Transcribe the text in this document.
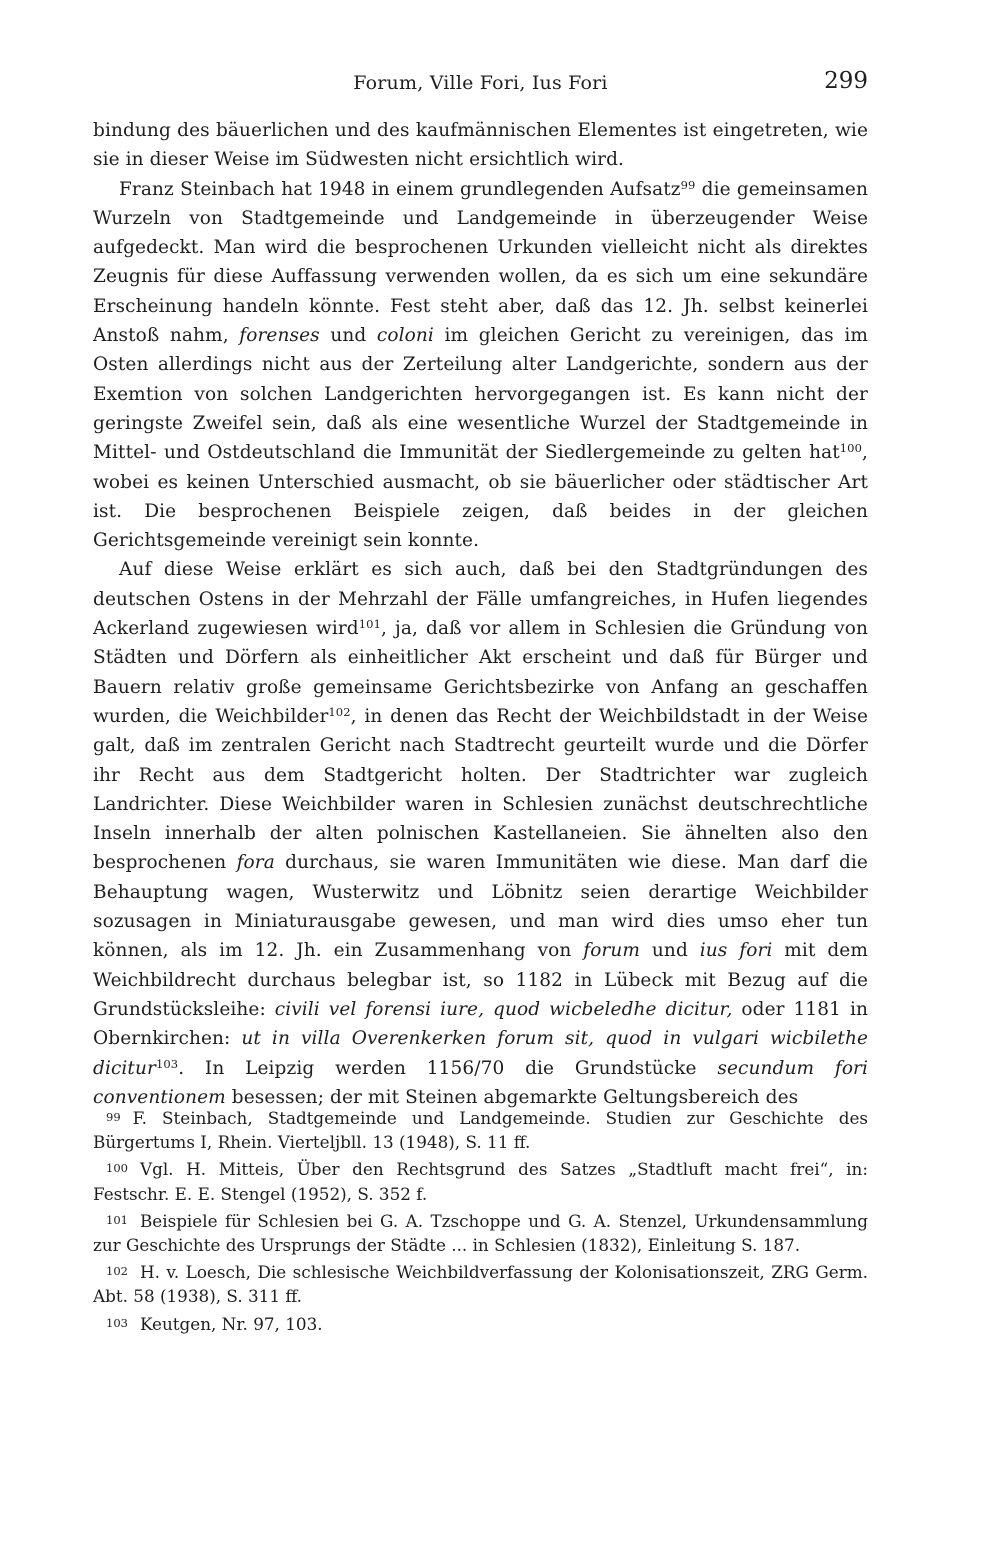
Forum, Ville Fori, Ius Fori	299

bindung des bäuerlichen und des kaufmännischen Elementes ist eingetreten, wie sie in dieser Weise im Südwesten nicht ersichtlich wird.

Franz Steinbach hat 1948 in einem grundlegenden Aufsatz$^{99}$ die gemeinsamen Wurzeln von Stadtgemeinde und Landgemeinde in überzeugender Weise aufgedeckt. Man wird die besprochenen Urkunden vielleicht nicht als direktes Zeugnis für diese Auffassung verwenden wollen, da es sich um eine sekundäre Erscheinung handeln könnte. Fest steht aber, daß das 12. Jh. selbst keinerlei Anstoß nahm, forenses und coloni im gleichen Gericht zu vereinigen, das im Osten allerdings nicht aus der Zerteilung alter Landgerichte, sondern aus der Exemtion von solchen Landgerichten hervorgegangen ist. Es kann nicht der geringste Zweifel sein, daß als eine wesentliche Wurzel der Stadtgemeinde in Mittel- und Ostdeutschland die Immunität der Siedlergemeinde zu gelten hat$^{100}$, wobei es keinen Unterschied ausmacht, ob sie bäuerlicher oder städtischer Art ist. Die besprochenen Beispiele zeigen, daß beides in der gleichen Gerichtsgemeinde vereinigt sein konnte.

Auf diese Weise erklärt es sich auch, daß bei den Stadtgründungen des deutschen Ostens in der Mehrzahl der Fälle umfangreiches, in Hufen liegendes Ackerland zugewiesen wird$^{101}$, ja, daß vor allem in Schlesien die Gründung von Städten und Dörfern als einheitlicher Akt erscheint und daß für Bürger und Bauern relativ große gemeinsame Gerichtsbezirke von Anfang an geschaffen wurden, die Weichbilder$^{102}$, in denen das Recht der Weichbildstadt in der Weise galt, daß im zentralen Gericht nach Stadtrecht geurteilt wurde und die Dörfer ihr Recht aus dem Stadtgericht holten. Der Stadtrichter war zugleich Landrichter. Diese Weichbilder waren in Schlesien zunächst deutschrechtliche Inseln innerhalb der alten polnischen Kastellaneien. Sie ähnelten also den besprochenen fora durchaus, sie waren Immunitäten wie diese. Man darf die Behauptung wagen, Wusterwitz und Löbnitz seien derartige Weichbilder sozusagen in Miniaturausgabe gewesen, und man wird dies umso eher tun können, als im 12. Jh. ein Zusammenhang von forum und ius fori mit dem Weichbildrecht durchaus belegbar ist, so 1182 in Lübeck mit Bezug auf die Grundstücksleihe: civili vel forensi iure, quod wicbeledhe dicitur, oder 1181 in Obernkirchen: ut in villa Overenkerken forum sit, quod in vulgari wicbilethe dicitur$^{103}$. In Leipzig werden 1156/70 die Grundstücke secundum fori conventionem besessen; der mit Steinen abgemarkte Geltungsbereich des

99 F. Steinbach, Stadtgemeinde und Landgemeinde. Studien zur Geschichte des Bürgertums I, Rhein. Vierteljbll. 13 (1948), S. 11 ff.

100 Vgl. H. Mitteis, Über den Rechtsgrund des Satzes „Stadtluft macht frei“, in: Festschr. E. E. Stengel (1952), S. 352 f.

101 Beispiele für Schlesien bei G. A. Tzschoppe und G. A. Stenzel, Urkundensammlung zur Geschichte des Ursprungs der Städte ... in Schlesien (1832), Einleitung S. 187.

102 H. v. Loesch, Die schlesische Weichbildverfassung der Kolonisationszeit, ZRG Germ. Abt. 58 (1938), S. 311 ff.

103 Keutgen, Nr. 97, 103.
